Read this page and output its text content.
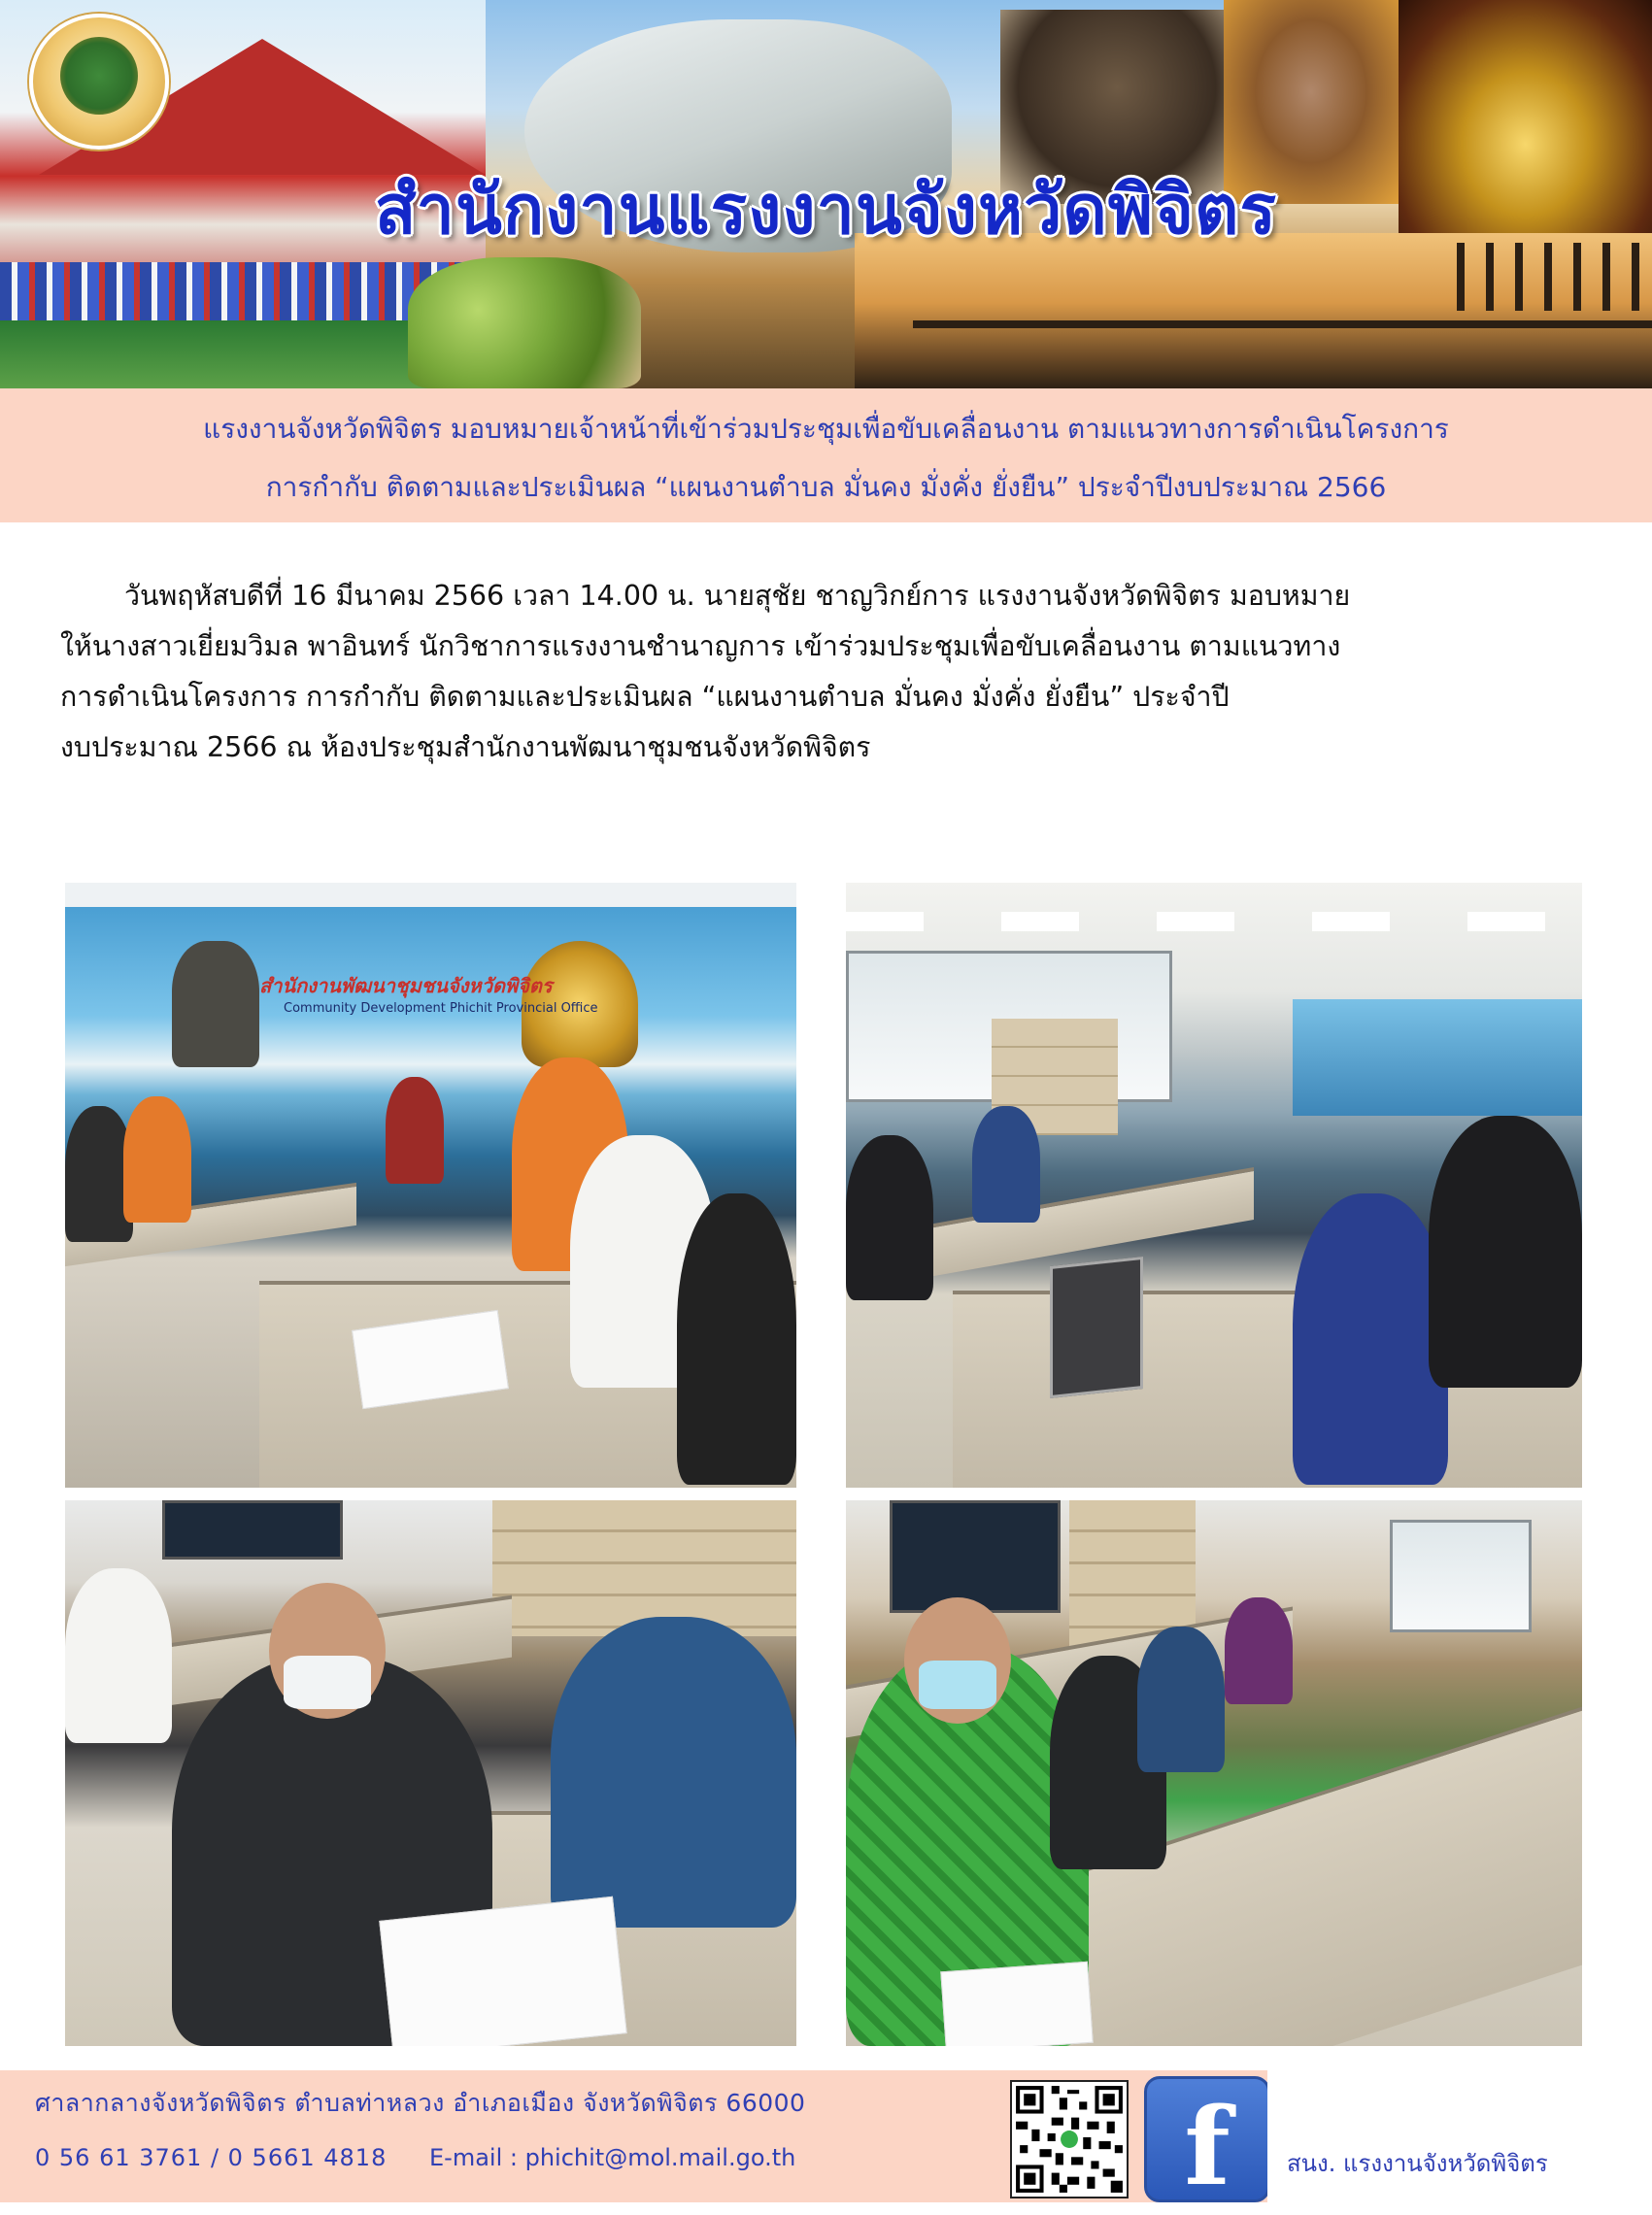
สำนักงานแรงงานจังหวัดพิจิตร
แรงงานจังหวัดพิจิตร มอบหมายเจ้าหน้าที่เข้าร่วมประชุมเพื่อขับเคลื่อนงาน ตามแนวทางการดำเนินโครงการ
การกำกับ ติดตามและประเมินผล “แผนงานตำบล มั่นคง มั่งคั่ง ยั่งยืน” ประจำปีงบประมาณ 2566
วันพฤหัสบดีที่ 16 มีนาคม 2566 เวลา 14.00 น. นายสุชัย ชาญวิกย์การ แรงงานจังหวัดพิจิตร มอบหมาย
ให้นางสาวเยี่ยมวิมล พาอินทร์ นักวิชาการแรงงานชำนาญการ เข้าร่วมประชุมเพื่อขับเคลื่อนงาน ตามแนวทาง
การดำเนินโครงการ การกำกับ ติดตามและประเมินผล “แผนงานตำบล มั่นคง มั่งคั่ง ยั่งยืน” ประจำปี
งบประมาณ 2566 ณ ห้องประชุมสำนักงานพัฒนาชุมชนจังหวัดพิจิตร
สำนักงานพัฒนาชุมชนจังหวัดพิจิตร
Community Development Phichit Provincial Office
ศาลากลางจังหวัดพิจิตร ตำบลท่าหลวง อำเภอเมือง จังหวัดพิจิตร 66000
0 56 61 3761 / 0 5661 4818 E-mail : phichit@mol.mail.go.th	f	สนง. แรงงานจังหวัดพิจิตร
